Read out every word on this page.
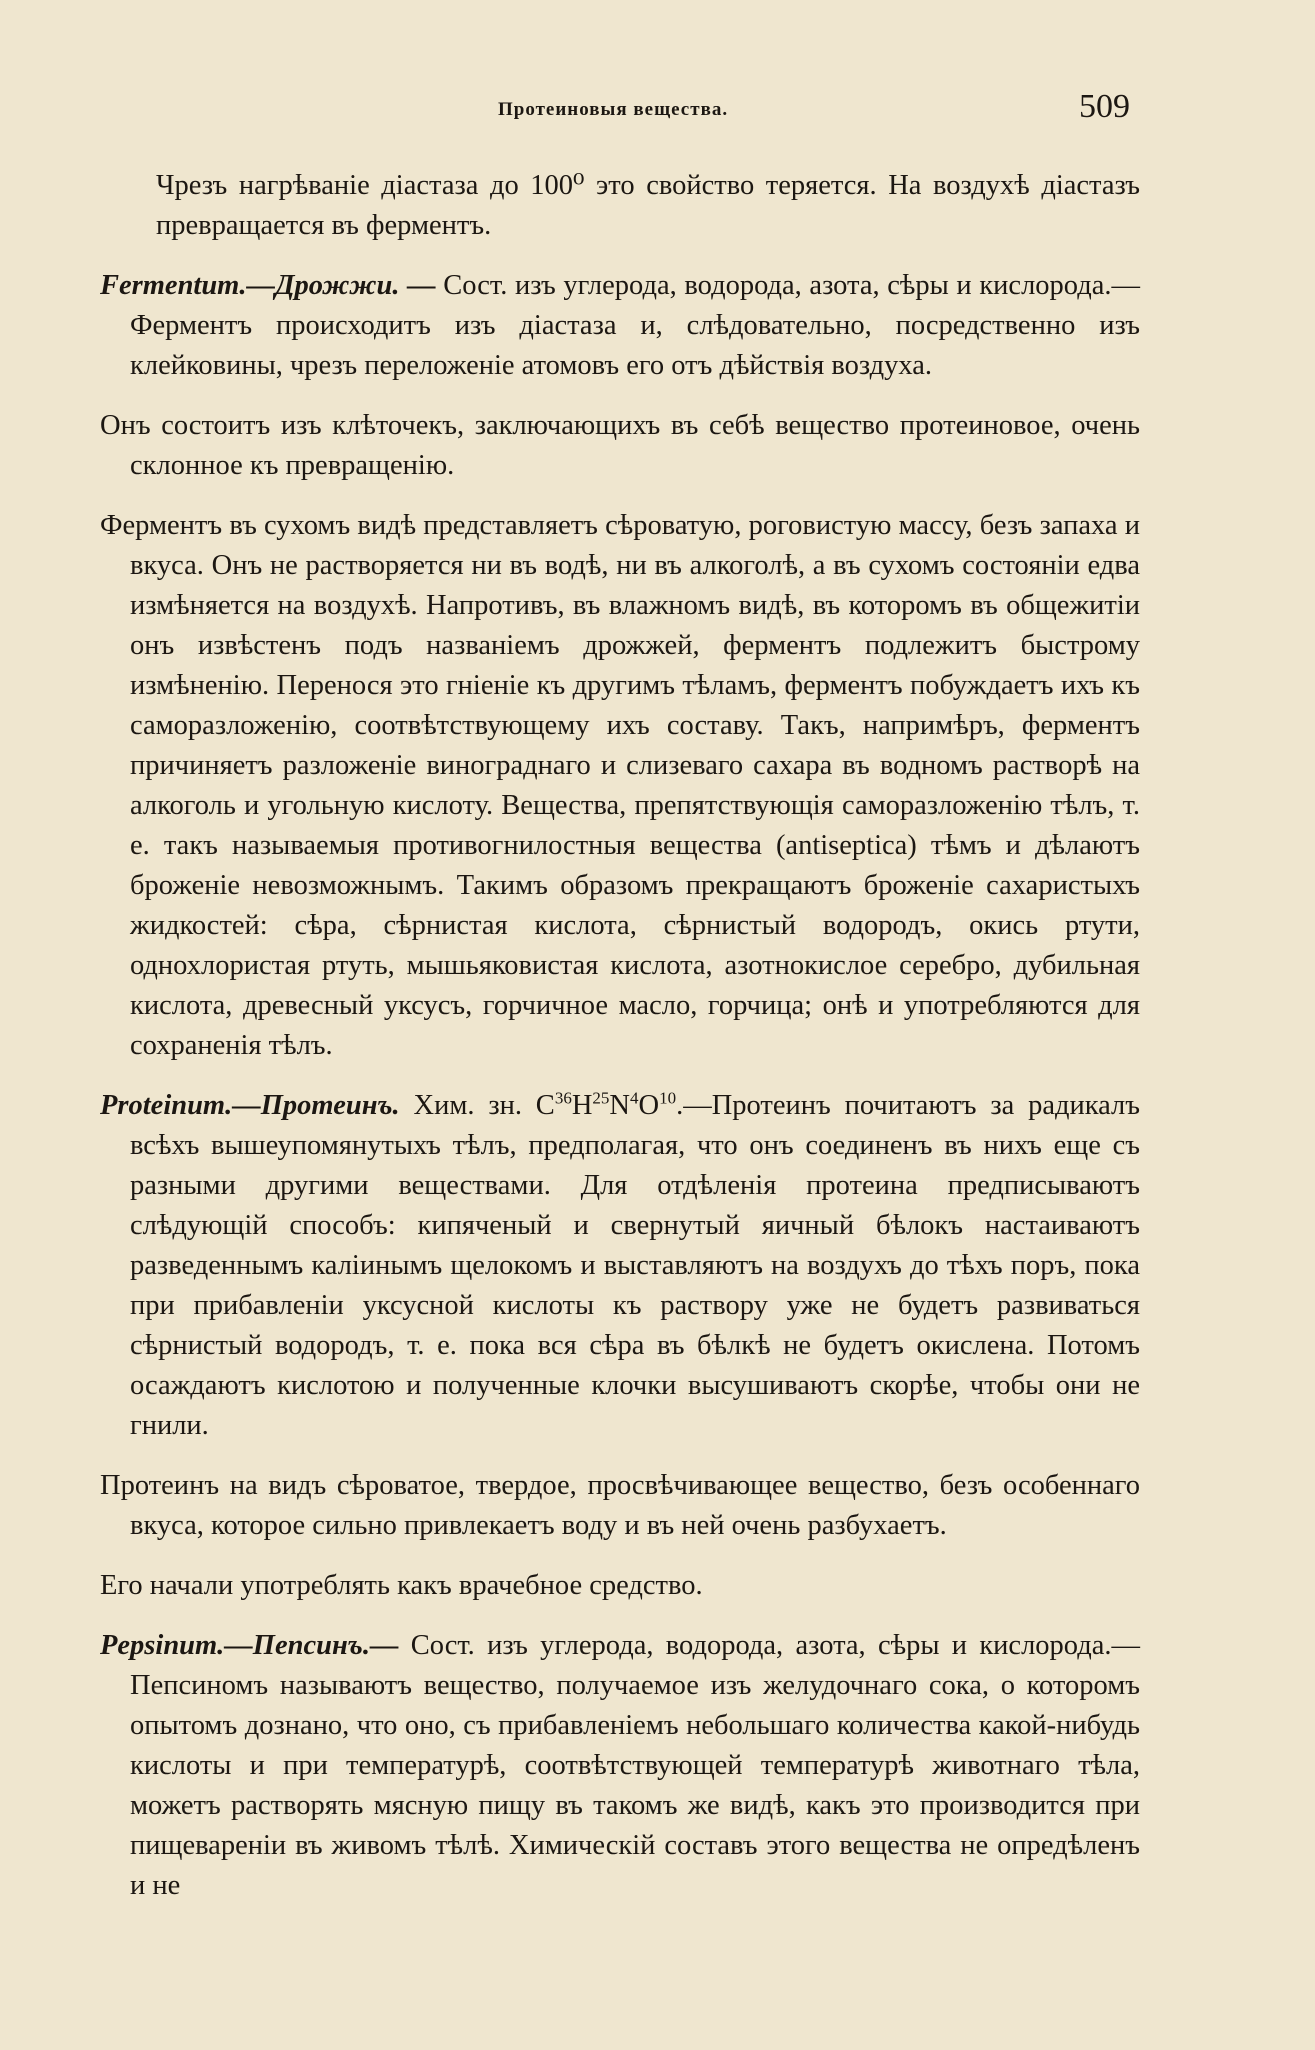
Протеиновыя вещества.	509

Чрезъ нагрѣваніе діастаза до 100⁰ это свойство теряется. На воздухѣ діастазъ превращается въ ферментъ.

Fermentum.—Дрожжи. — Сост. изъ углерода, водорода, азота, сѣры и кислорода.—Ферментъ происходитъ изъ діастаза и, слѣдовательно, посредственно изъ клейковины, чрезъ переложеніе атомовъ его отъ дѣйствія воздуха.

Онъ состоитъ изъ клѣточекъ, заключающихъ въ себѣ вещество протеиновое, очень склонное къ превращенію.

Ферментъ въ сухомъ видѣ представляетъ сѣроватую, роговистую массу, безъ запаха и вкуса. Онъ не растворяется ни въ водѣ, ни въ алкоголѣ, а въ сухомъ состояніи едва измѣняется на воздухѣ. Напротивъ, въ влажномъ видѣ, въ которомъ въ общежитіи онъ извѣстенъ подъ названіемъ дрожжей, ферментъ подлежитъ быстрому измѣненію. Перенося это гніеніе къ другимъ тѣламъ, ферментъ побуждаетъ ихъ къ саморазложенію, соотвѣтствующему ихъ составу. Такъ, напримѣръ, ферментъ причиняетъ разложеніе винограднаго и слизеваго сахара въ водномъ растворѣ на алкоголь и угольную кислоту. Вещества, препятствующія саморазложенію тѣлъ, т. е. такъ называемыя противогнилостныя вещества (antiseptica) тѣмъ и дѣлаютъ броженіе невозможнымъ. Такимъ образомъ прекращаютъ броженіе сахаристыхъ жидкостей: сѣра, сѣрнистая кислота, сѣрнистый водородъ, окись ртути, однохлористая ртуть, мышьяковистая кислота, азотнокислое серебро, дубильная кислота, древесный уксусъ, горчичное масло, горчица; онѣ и употребляются для сохраненія тѣлъ.

Proteinum.—Протеинъ. Хим. зн. $C^{36}H^{25}N^4O^{10}.—Протеинъ$ почитаютъ за радикалъ всѣхъ вышеупомянутыхъ тѣлъ, предполагая, что онъ соединенъ въ нихъ еще съ разными другими веществами. Для отдѣленія протеина предписываютъ слѣдующій способъ: кипяченый и свернутый яичный бѣлокъ настаиваютъ разведеннымъ каліинымъ щелокомъ и выставляютъ на воздухъ до тѣхъ поръ, пока при прибавленіи уксусной кислоты къ раствору уже не будетъ развиваться сѣрнистый водородъ, т. е. пока вся сѣра въ бѣлкѣ не будетъ окислена. Потомъ осаждаютъ кислотою и полученные клочки высушиваютъ скорѣе, чтобы они не гнили.

Протеинъ на видъ сѣроватое, твердое, просвѣчивающее вещество, безъ особеннаго вкуса, которое сильно привлекаетъ воду и въ ней очень разбухаетъ.

Его начали употреблять какъ врачебное средство.

Pepsinum.—Пепсинъ.— Сост. изъ углерода, водорода, азота, сѣры и кислорода.—Пепсиномъ называютъ вещество, получаемое изъ желудочнаго сока, о которомъ опытомъ дознано, что оно, съ прибавленіемъ небольшаго количества какой-нибудь кислоты и при температурѣ, соотвѣтствующей температурѣ животнаго тѣла, можетъ растворять мясную пищу въ такомъ же видѣ, какъ это производится при пищевареніи въ живомъ тѣлѣ. Химическій составъ этого вещества не опредѣленъ и не
